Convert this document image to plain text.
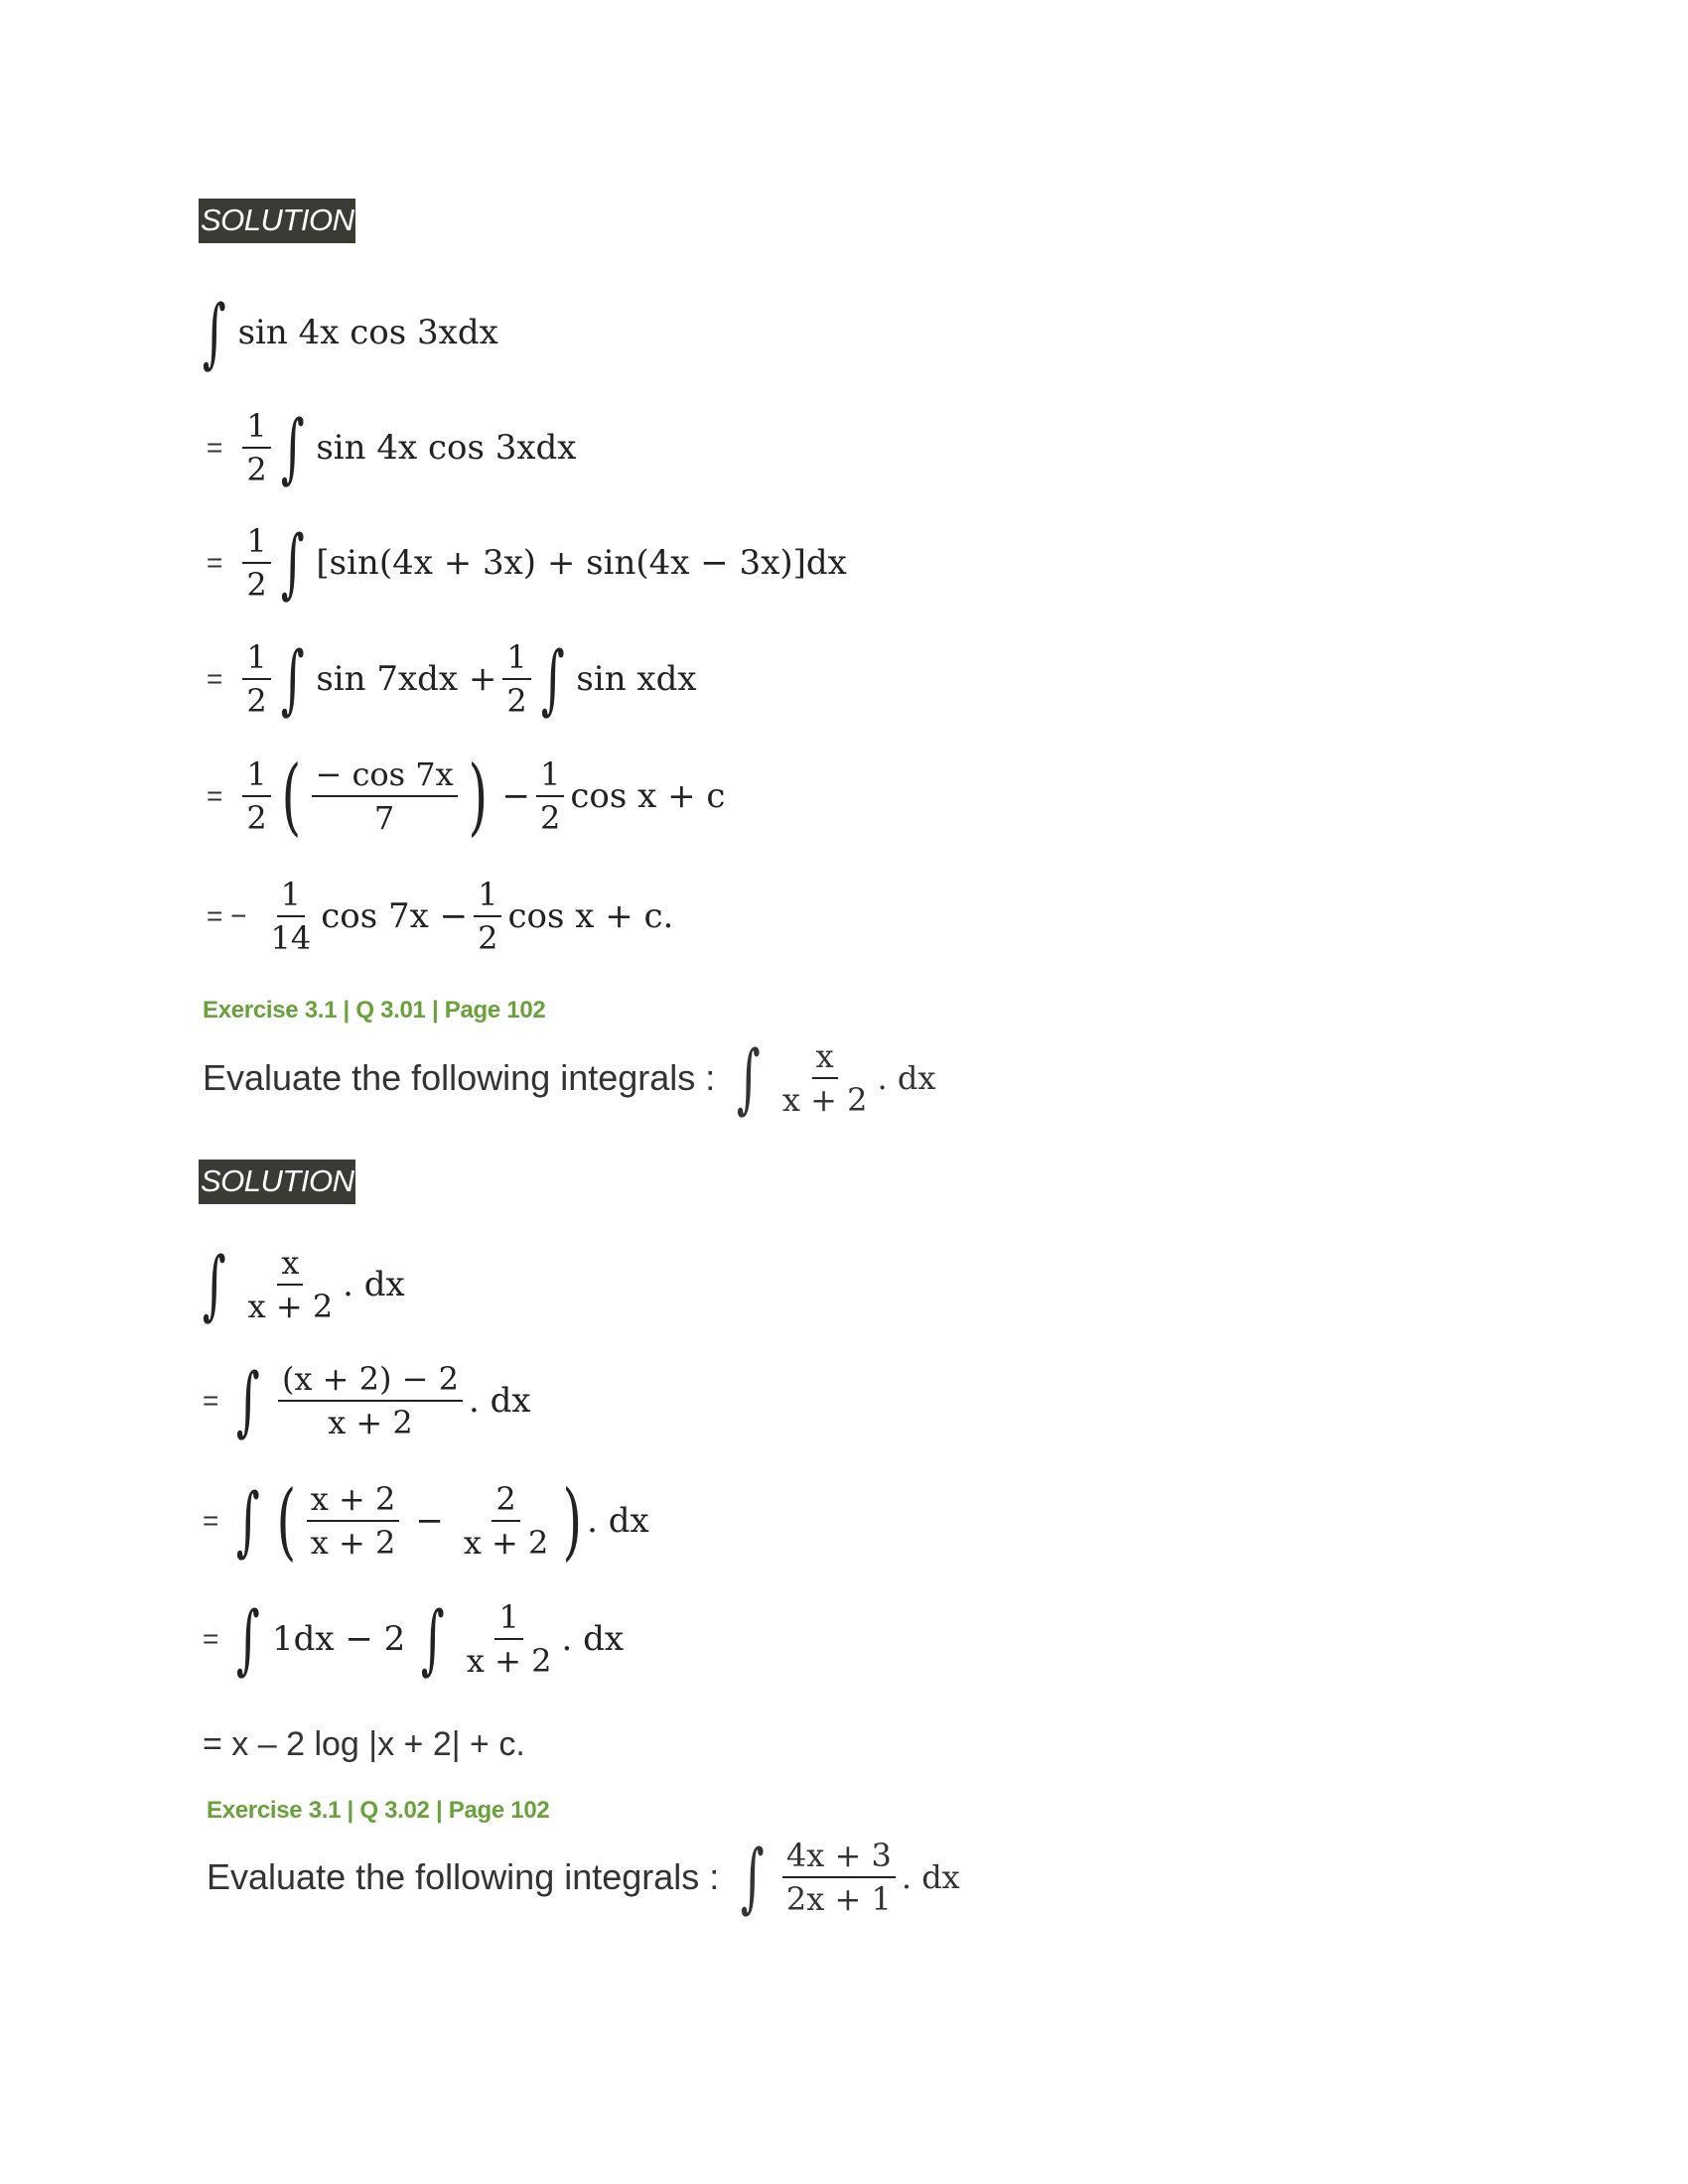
SOLUTION
∫ sin 4x cos 3xdx
= $\frac{1}{2}$ ∫ sin 4x cos 3xdx
= $\frac{1}{2}$ ∫ [sin(4x + 3x) + sin(4x − 3x)]dx
= $\frac{1}{2}$ ∫ $\sin 7xdx + \frac{1}{2}$ ∫ sin xdx
= $\frac{1}{2}$ ( $\frac{- \cos 7x}{7}$ ) − $\frac{1}{2}$ cos x + c
= − $\frac{1}{14}$ $\cos 7x - \frac{1}{2}$ cos x + c.
Exercise 3.1 | Q 3.01 | Page 102
Evaluate the following integrals : ∫ $\frac{x}{x + 2}$ . dx
SOLUTION
∫ $\frac{x}{x + 2}$ . dx
= ∫ $\frac{(x + 2) - 2}{x + 2}$ . dx
= ∫ ( $\frac{x + 2}{x + 2} - \frac{2}{x + 2}$ ) . dx
= ∫ 1dx − 2 ∫ $\frac{1}{x + 2}$ . dx
= x – 2 log |x + 2| + c.
Exercise 3.1 | Q 3.02 | Page 102
Evaluate the following integrals : ∫ $\frac{4x + 3}{2x + 1}$ . dx
